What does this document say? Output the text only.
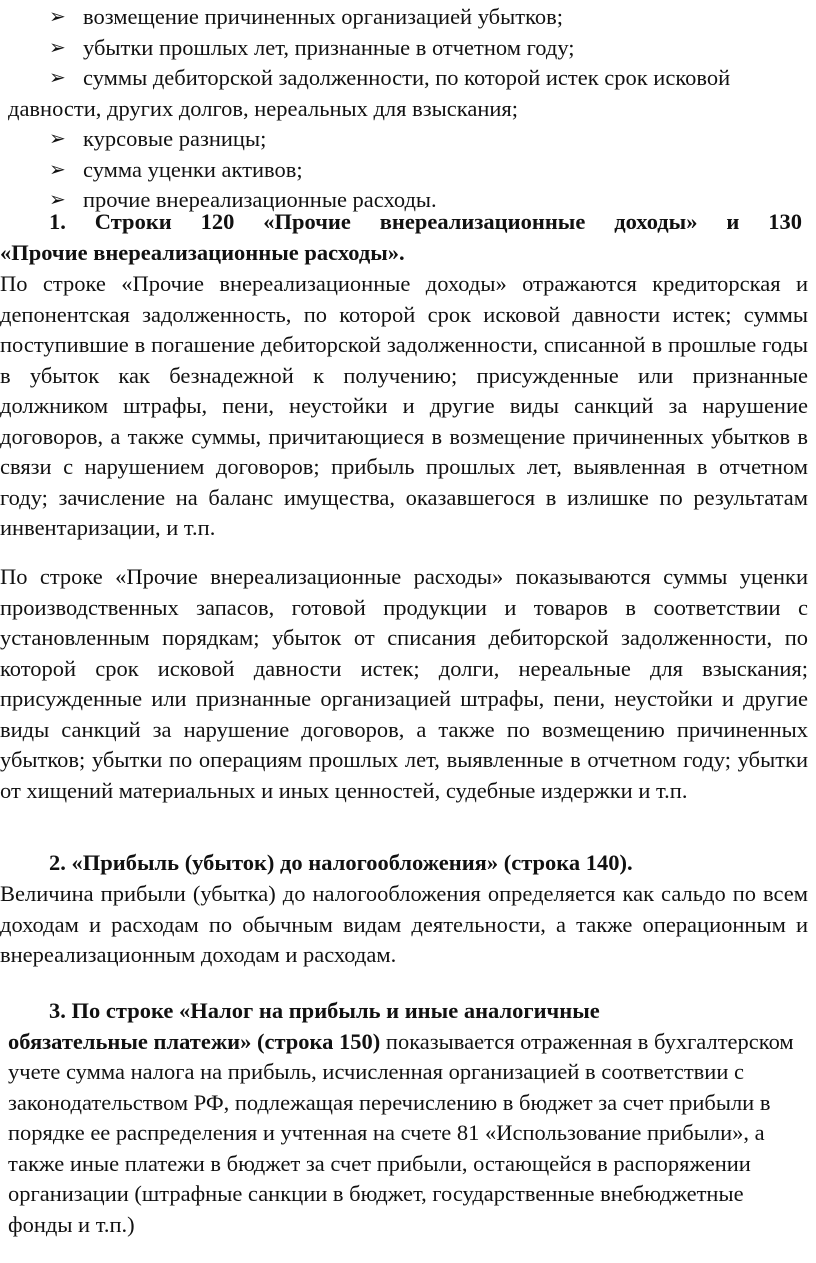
➢ возмещение причиненных организацией убытков;
➢ убытки прошлых лет, признанные в отчетном году;
➢ суммы дебиторской задолженности, по которой истек срок исковой
давности, других долгов, нереальных для взыскания;
➢ курсовые разницы;
➢ сумма уценки активов;
➢ прочие внереализационные расходы.
1. Строки 120 «Прочие внереализационные доходы» и 130
«Прочие внереализационные расходы».

По строке «Прочие внереализационные доходы» отражаются кредиторская и депонентская задолженность, по которой срок исковой давности истек; суммы поступившие в погашение дебиторской задолженности, списанной в прошлые годы в убыток как безнадежной к получению; присужденные или признанные должником штрафы, пени, неустойки и другие виды санкций за нарушение договоров, а также суммы, причитающиеся в возмещение причиненных убытков в связи с нарушением договоров; прибыль прошлых лет, выявленная в отчетном году; зачисление на баланс имущества, оказавшегося в излишке по результатам инвентаризации, и т.п.

По строке «Прочие внереализационные расходы» показываются суммы уценки производственных запасов, готовой продукции и товаров в соответствии с установленным порядкам; убыток от списания дебиторской задолженности, по которой срок исковой давности истек; долги, нереальные для взыскания; присужденные или признанные организацией штрафы, пени, неустойки и другие виды санкций за нарушение договоров, а также по возмещению причиненных убытков; убытки по операциям прошлых лет, выявленные в отчетном году; убытки от хищений материальных и иных ценностей, судебные издержки и т.п.

2. «Прибыль (убыток) до налогообложения» (строка 140).

Величина прибыли (убытка) до налогообложения определяется как сальдо по всем доходам и расходам по обычным видам деятельности, а также операционным и внереализационным доходам и расходам.

3. По строке «Налог на прибыль и иные аналогичные

обязательные платежи» (строка 150) показывается отраженная в бухгалтерском учете сумма налога на прибыль, исчисленная организацией в соответствии с законодательством РФ, подлежащая перечислению в бюджет за счет прибыли в порядке ее распределения и учтенная на счете 81 «Использование прибыли», а также иные платежи в бюджет за счет прибыли, остающейся в распоряжении организации (штрафные санкции в бюджет, государственные внебюджетные фонды и т.п.)
